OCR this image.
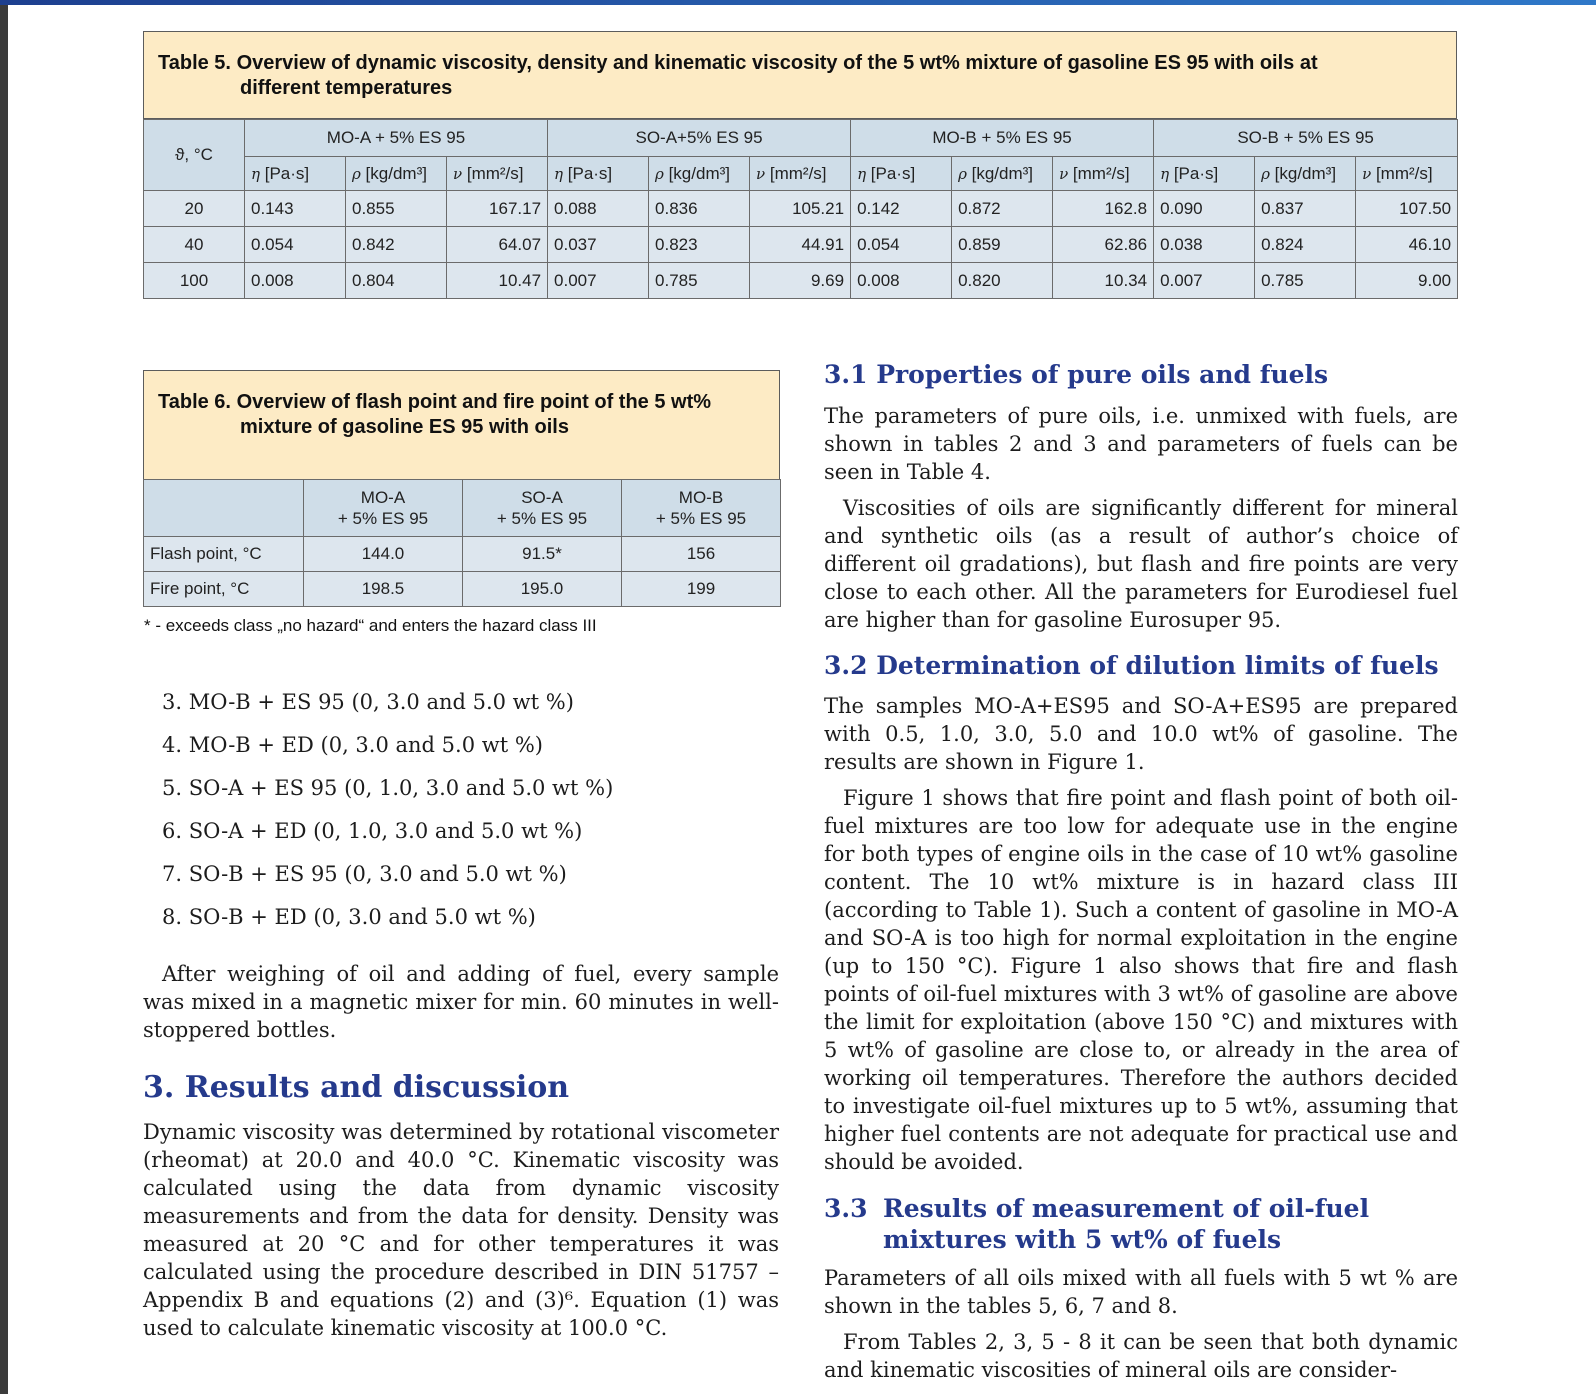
Table 5. Overview of dynamic viscosity, density and kinematic viscosity of the 5 wt% mixture of gasoline ES 95 with oils at
different temperatures
ϑ, °C	MO-A + 5% ES 95			SO-A+5% ES 95			MO-B + 5% ES 95			SO-B + 5% ES 95		
	η [Pa·s]	ρ [kg/dm³]	ν [mm²/s]	η [Pa·s]	ρ [kg/dm³]	ν [mm²/s]	η [Pa·s]	ρ [kg/dm³]	ν [mm²/s]	η [Pa·s]	ρ [kg/dm³]	ν [mm²/s]
20	0.143	0.855	167.17	0.088	0.836	105.21	0.142	0.872	162.8	0.090	0.837	107.50
40	0.054	0.842	64.07	0.037	0.823	44.91	0.054	0.859	62.86	0.038	0.824	46.10
100	0.008	0.804	10.47	0.007	0.785	9.69	0.008	0.820	10.34	0.007	0.785	9.00
Table 6. Overview of flash point and fire point of the 5 wt%
mixture of gasoline ES 95 with oils

	MO-A
+ 5% ES 95	SO-A
+ 5% ES 95	MO-B
+ 5% ES 95

Flash point, °C	144.0	91.5*	156
Fire point, °C	198.5	195.0	199
* - exceeds class „no hazard“ and enters the hazard class III
3. MO-B + ES 95 (0, 3.0 and 5.0 wt %)
4. MO-B + ED (0, 3.0 and 5.0 wt %)
5. SO-A + ES 95 (0, 1.0, 3.0 and 5.0 wt %)
6. SO-A + ED (0, 1.0, 3.0 and 5.0 wt %)
7. SO-B + ES 95 (0, 3.0 and 5.0 wt %)
8. SO-B + ED (0, 3.0 and 5.0 wt %)

After weighing of oil and adding of fuel, every sample was mixed in a magnetic mixer for min. 60 minutes in well-stoppered bottles.

3. Results and discussion

Dynamic viscosity was determined by rotational viscometer (rheomat) at 20.0 and 40.0 °C. Kinematic viscosity was calculated using the data from dynamic viscosity measurements and from the data for density. Density was measured at 20 °C and for other temperatures it was calculated using the procedure described in DIN 51757 – Appendix B and equations (2) and (3)⁶. Equation (1) was used to calculate kinematic viscosity at 100.0 °C.

3.1 Properties of pure oils and fuels

The parameters of pure oils, i.e. unmixed with fuels, are shown in tables 2 and 3 and parameters of fuels can be seen in Table 4.

Viscosities of oils are significantly different for mineral and synthetic oils (as a result of author’s choice of different oil gradations), but flash and fire points are very close to each other. All the parameters for Eurodiesel fuel are higher than for gasoline Eurosuper 95.

3.2 Determination of dilution limits of fuels

The samples MO-A+ES95 and SO-A+ES95 are prepared with 0.5, 1.0, 3.0, 5.0 and 10.0 wt% of gasoline. The results are shown in Figure 1.

Figure 1 shows that fire point and flash point of both oil-fuel mixtures are too low for adequate use in the engine for both types of engine oils in the case of 10 wt% gasoline content. The 10 wt% mixture is in hazard class III (according to Table 1). Such a content of gasoline in MO-A and SO-A is too high for normal exploitation in the engine (up to 150 °C). Figure 1 also shows that fire and flash points of oil-fuel mixtures with 3 wt% of gasoline are above the limit for exploitation (above 150 °C) and mixtures with 5 wt% of gasoline are close to, or already in the area of working oil temperatures. Therefore the authors decided to investigate oil-fuel mixtures up to 5 wt%, assuming that higher fuel contents are not adequate for practical use and should be avoided.

3.3 Results of measurement of oil-fuel
mixtures with 5 wt% of fuels

Parameters of all oils mixed with all fuels with 5 wt % are shown in the tables 5, 6, 7 and 8.

From Tables 2, 3, 5 - 8 it can be seen that both dynamic and kinematic viscosities of mineral oils are consider-
